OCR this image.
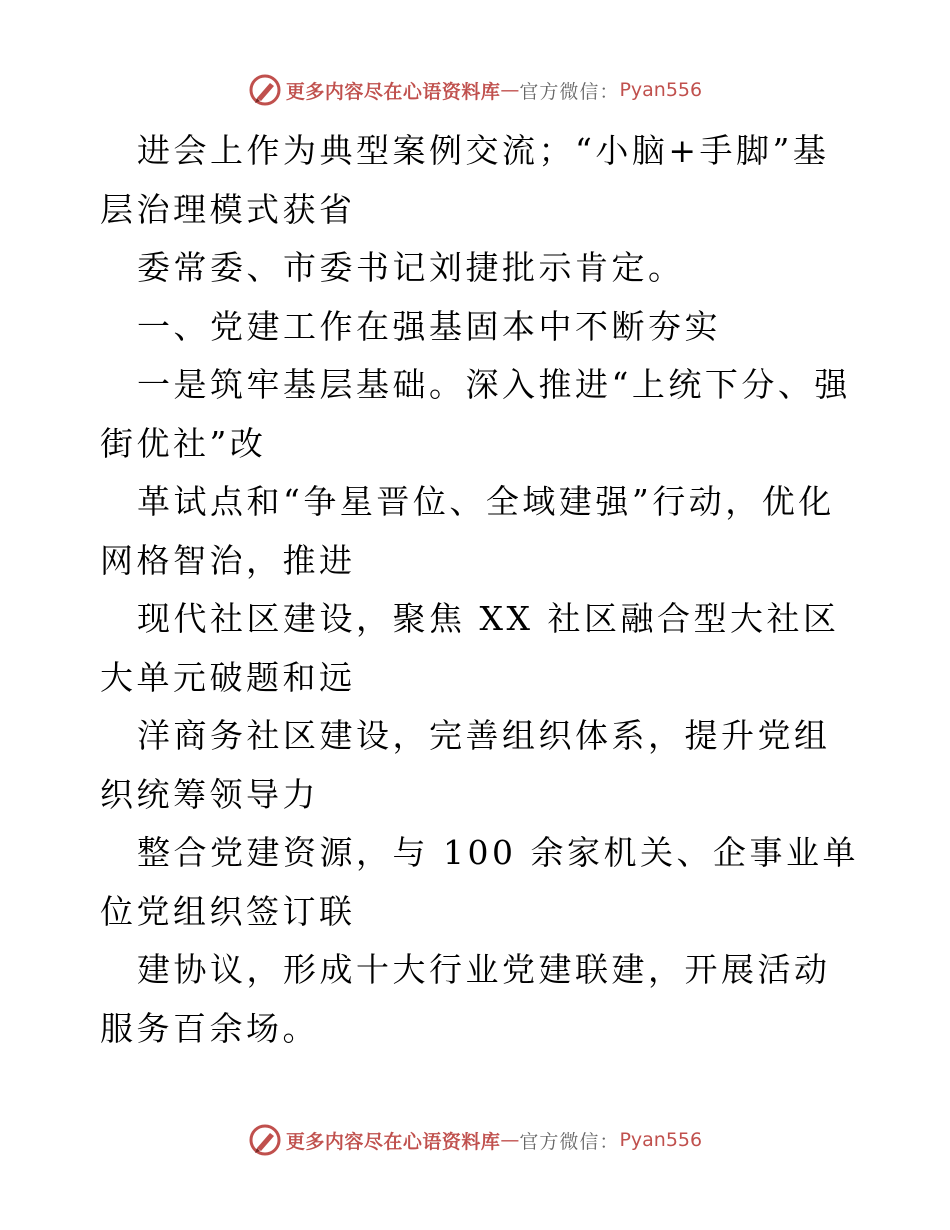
更多内容尽在心语资料库 — 官方微信： Pyan556

进会上作为典型案例交流；“小脑+手脚”基层治理模式获省

委常委、市委书记刘捷批示肯定。

一、党建工作在强基固本中不断夯实

一是筑牢基层基础。深入推进“上统下分、强街优社”改

革试点和“争星晋位、全域建强”行动，优化网格智治，推进

现代社区建设，聚焦 XX 社区融合型大社区大单元破题和远

洋商务社区建设，完善组织体系，提升党组织统筹领导力

整合党建资源，与 100 余家机关、企事业单位党组织签订联

建协议，形成十大行业党建联建，开展活动服务百余场。

更多内容尽在心语资料库 — 官方微信： Pyan556
